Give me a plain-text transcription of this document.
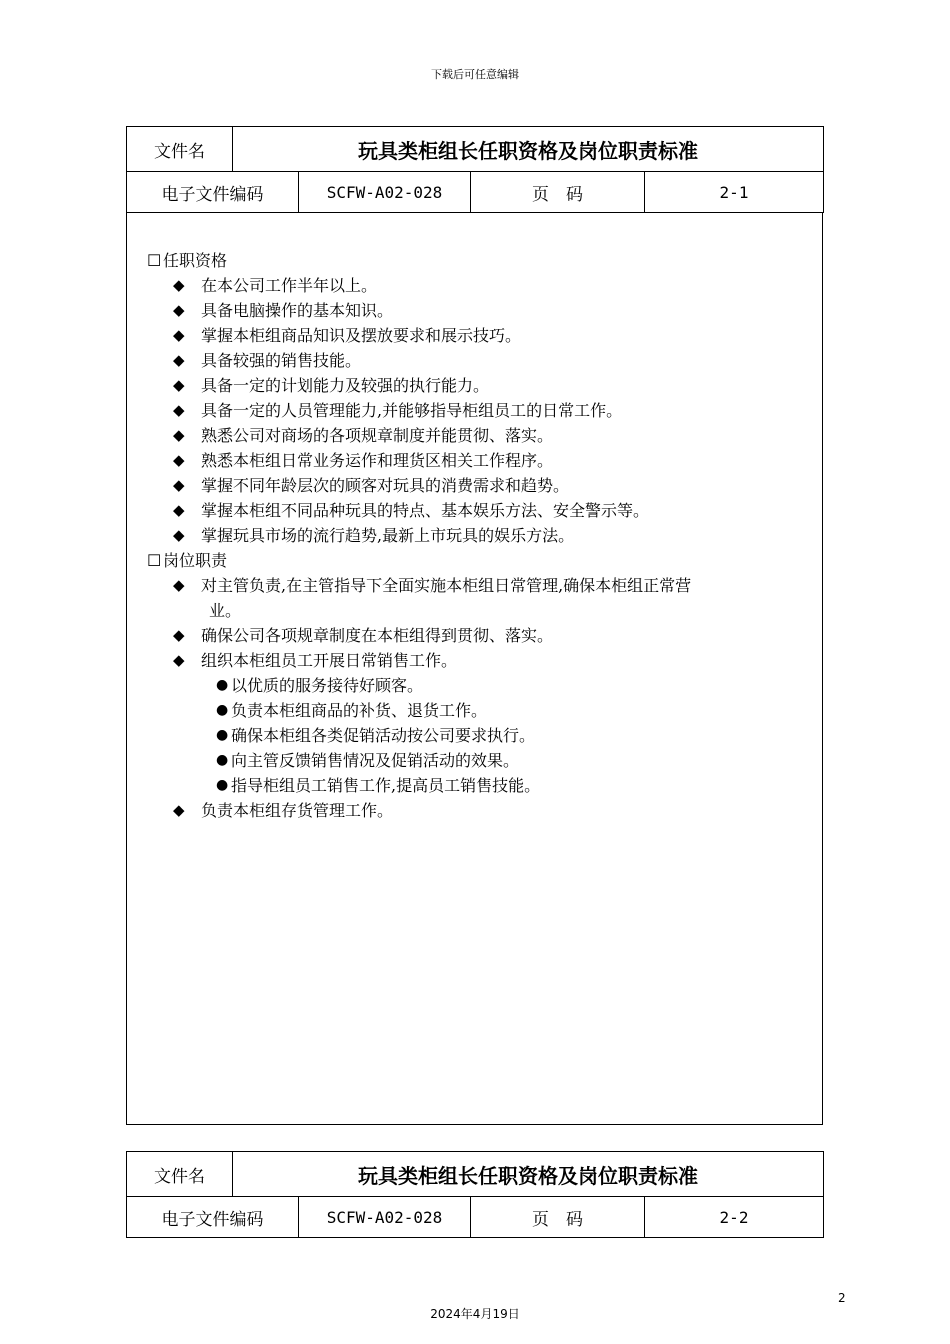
下载后可任意编辑
文件名	玩具类柜组长任职资格及岗位职责标准			
电子文件编码		SCFW-A02-028	页　码	2-1
☐ 任职资格
◆ 在本公司工作半年以上。
◆ 具备电脑操作的基本知识。
◆ 掌握本柜组商品知识及摆放要求和展示技巧。
◆ 具备较强的销售技能。
◆ 具备一定的计划能力及较强的执行能力。
◆ 具备一定的人员管理能力,并能够指导柜组员工的日常工作。
◆ 熟悉公司对商场的各项规章制度并能贯彻、落实。
◆ 熟悉本柜组日常业务运作和理货区相关工作程序。
◆ 掌握不同年龄层次的顾客对玩具的消费需求和趋势。
◆ 掌握本柜组不同品种玩具的特点、基本娱乐方法、安全警示等。
◆ 掌握玩具市场的流行趋势,最新上市玩具的娱乐方法。
☐ 岗位职责
◆ 对主管负责,在主管指导下全面实施本柜组日常管理,确保本柜组正常营
业。
◆ 确保公司各项规章制度在本柜组得到贯彻、落实。
◆ 组织本柜组员工开展日常销售工作。
● 以优质的服务接待好顾客。
● 负责本柜组商品的补货、退货工作。
● 确保本柜组各类促销活动按公司要求执行。
● 向主管反馈销售情况及促销活动的效果。
● 指导柜组员工销售工作,提高员工销售技能。
◆ 负责本柜组存货管理工作。
文件名	玩具类柜组长任职资格及岗位职责标准			
电子文件编码		SCFW-A02-028	页　码	2-2
2
2024年4月19日
